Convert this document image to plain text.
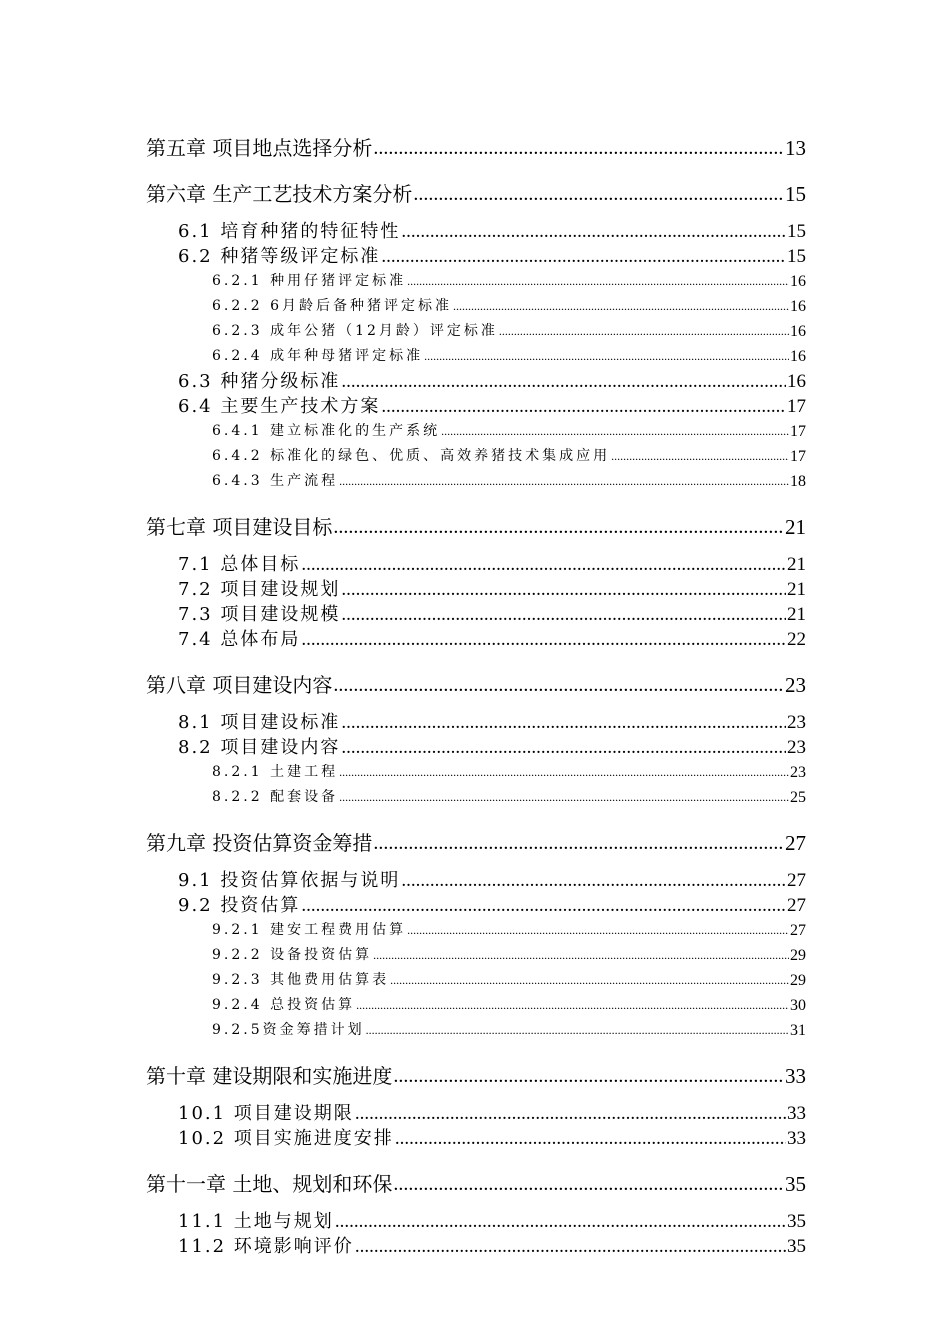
第五章 项目地点选择分析 .....	13
第六章 生产工艺技术方案分析 .....	15
6.1 培育种猪的特征特性 .....	15
6.2 种猪等级评定标准 .....	15
6.2.1 种用仔猪评定标准 .....	16
6.2.2 6月龄后备种猪评定标准 .....	16
6.2.3 成年公猪（12月龄）评定标准 .....	16
6.2.4 成年种母猪评定标准 .....	16
6.3 种猪分级标准 .....	16
6.4 主要生产技术方案 .....	17
6.4.1 建立标准化的生产系统 .....	17
6.4.2 标准化的绿色、优质、高效养猪技术集成应用 .....	17
6.4.3 生产流程 .....	18
第七章 项目建设目标 .....	21
7.1 总体目标 .....	21
7.2 项目建设规划 .....	21
7.3 项目建设规模 .....	21
7.4 总体布局 .....	22
第八章 项目建设内容 .....	23
8.1 项目建设标准 .....	23
8.2 项目建设内容 .....	23
8.2.1 土建工程 .....	23
8.2.2 配套设备 .....	25
第九章 投资估算资金筹措 .....	27
9.1 投资估算依据与说明 .....	27
9.2 投资估算 .....	27
9.2.1 建安工程费用估算 .....	27
9.2.2 设备投资估算 .....	29
9.2.3 其他费用估算表 .....	29
9.2.4 总投资估算 .....	30
9.2.5资金筹措计划 .....	31
第十章 建设期限和实施进度 .....	33
10.1 项目建设期限 .....	33
10.2 项目实施进度安排 .....	33
第十一章 土地、规划和环保 .....	35
11.1 土地与规划 .....	35
11.2 环境影响评价 .....	35
